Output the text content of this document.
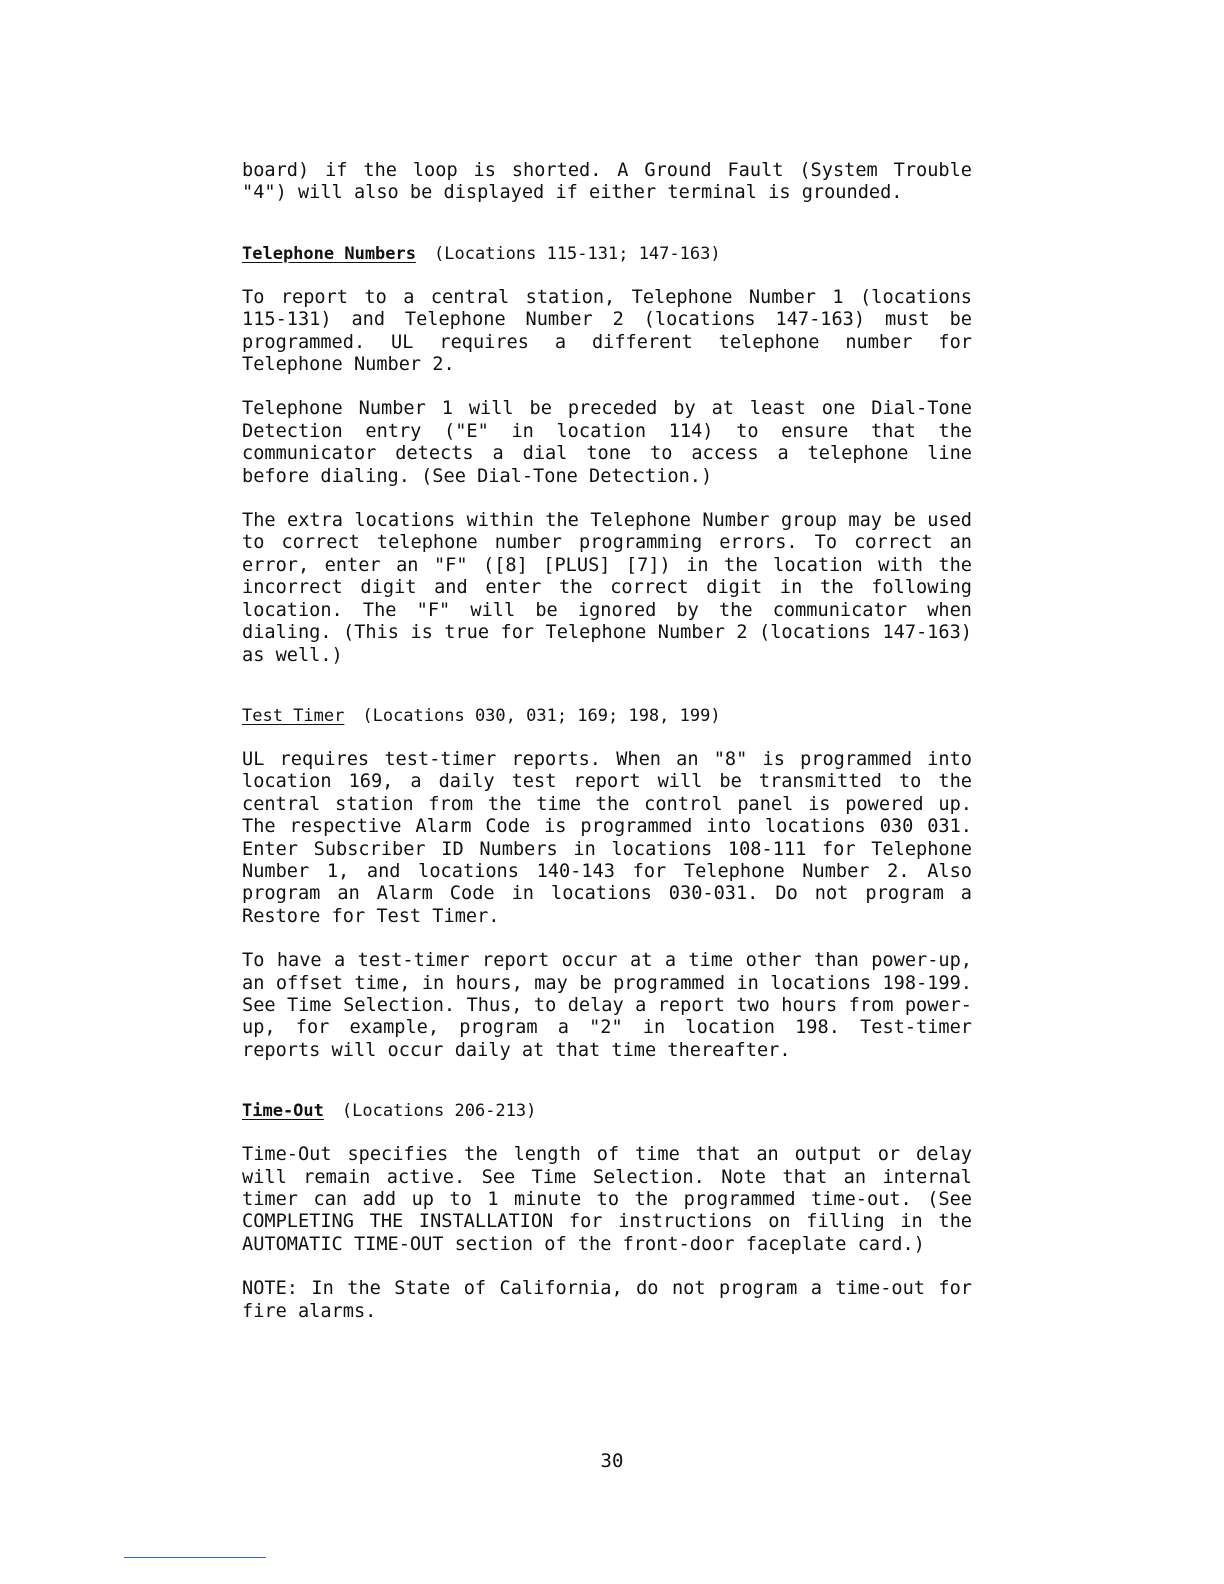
board) if the loop is shorted. A Ground Fault (System Trouble "4") will also be displayed if either terminal is grounded.

Telephone Numbers (Locations 115-131; 147-163)

To report to a central station, Telephone Number 1 (locations 115-131) and Telephone Number 2 (locations 147-163) must be programmed. UL requires a different telephone number for Telephone Number 2.

Telephone Number 1 will be preceded by at least one Dial-Tone Detection entry ("E" in location 114) to ensure that the communicator detects a dial tone to access a telephone line before dialing. (See Dial-Tone Detection.)

The extra locations within the Telephone Number group may be used to correct telephone number programming errors. To correct an error, enter an "F" ([8] [PLUS] [7]) in the location with the incorrect digit and enter the correct digit in the following location. The "F" will be ignored by the communicator when dialing. (This is true for Telephone Number 2 (locations 147-163) as well.)

Test Timer (Locations 030, 031; 169; 198, 199)

UL requires test-timer reports. When an "8" is programmed into location 169, a daily test report will be transmitted to the central station from the time the control panel is powered up. The respective Alarm Code is programmed into locations 030 031. Enter Subscriber ID Numbers in locations 108-111 for Telephone Number 1, and locations 140-143 for Telephone Number 2. Also program an Alarm Code in locations 030-031. Do not program a Restore for Test Timer.

To have a test-timer report occur at a time other than power-up, an offset time, in hours, may be programmed in locations 198-199. See Time Selection. Thus, to delay a report two hours from power-up, for example, program a "2" in location 198. Test-timer reports will occur daily at that time thereafter.

Time-Out (Locations 206-213)

Time-Out specifies the length of time that an output or delay will remain active. See Time Selection. Note that an internal timer can add up to 1 minute to the programmed time-out. (See COMPLETING THE INSTALLATION for instructions on filling in the AUTOMATIC TIME-OUT section of the front-door faceplate card.)

NOTE: In the State of California, do not program a time-out for fire alarms.

30
